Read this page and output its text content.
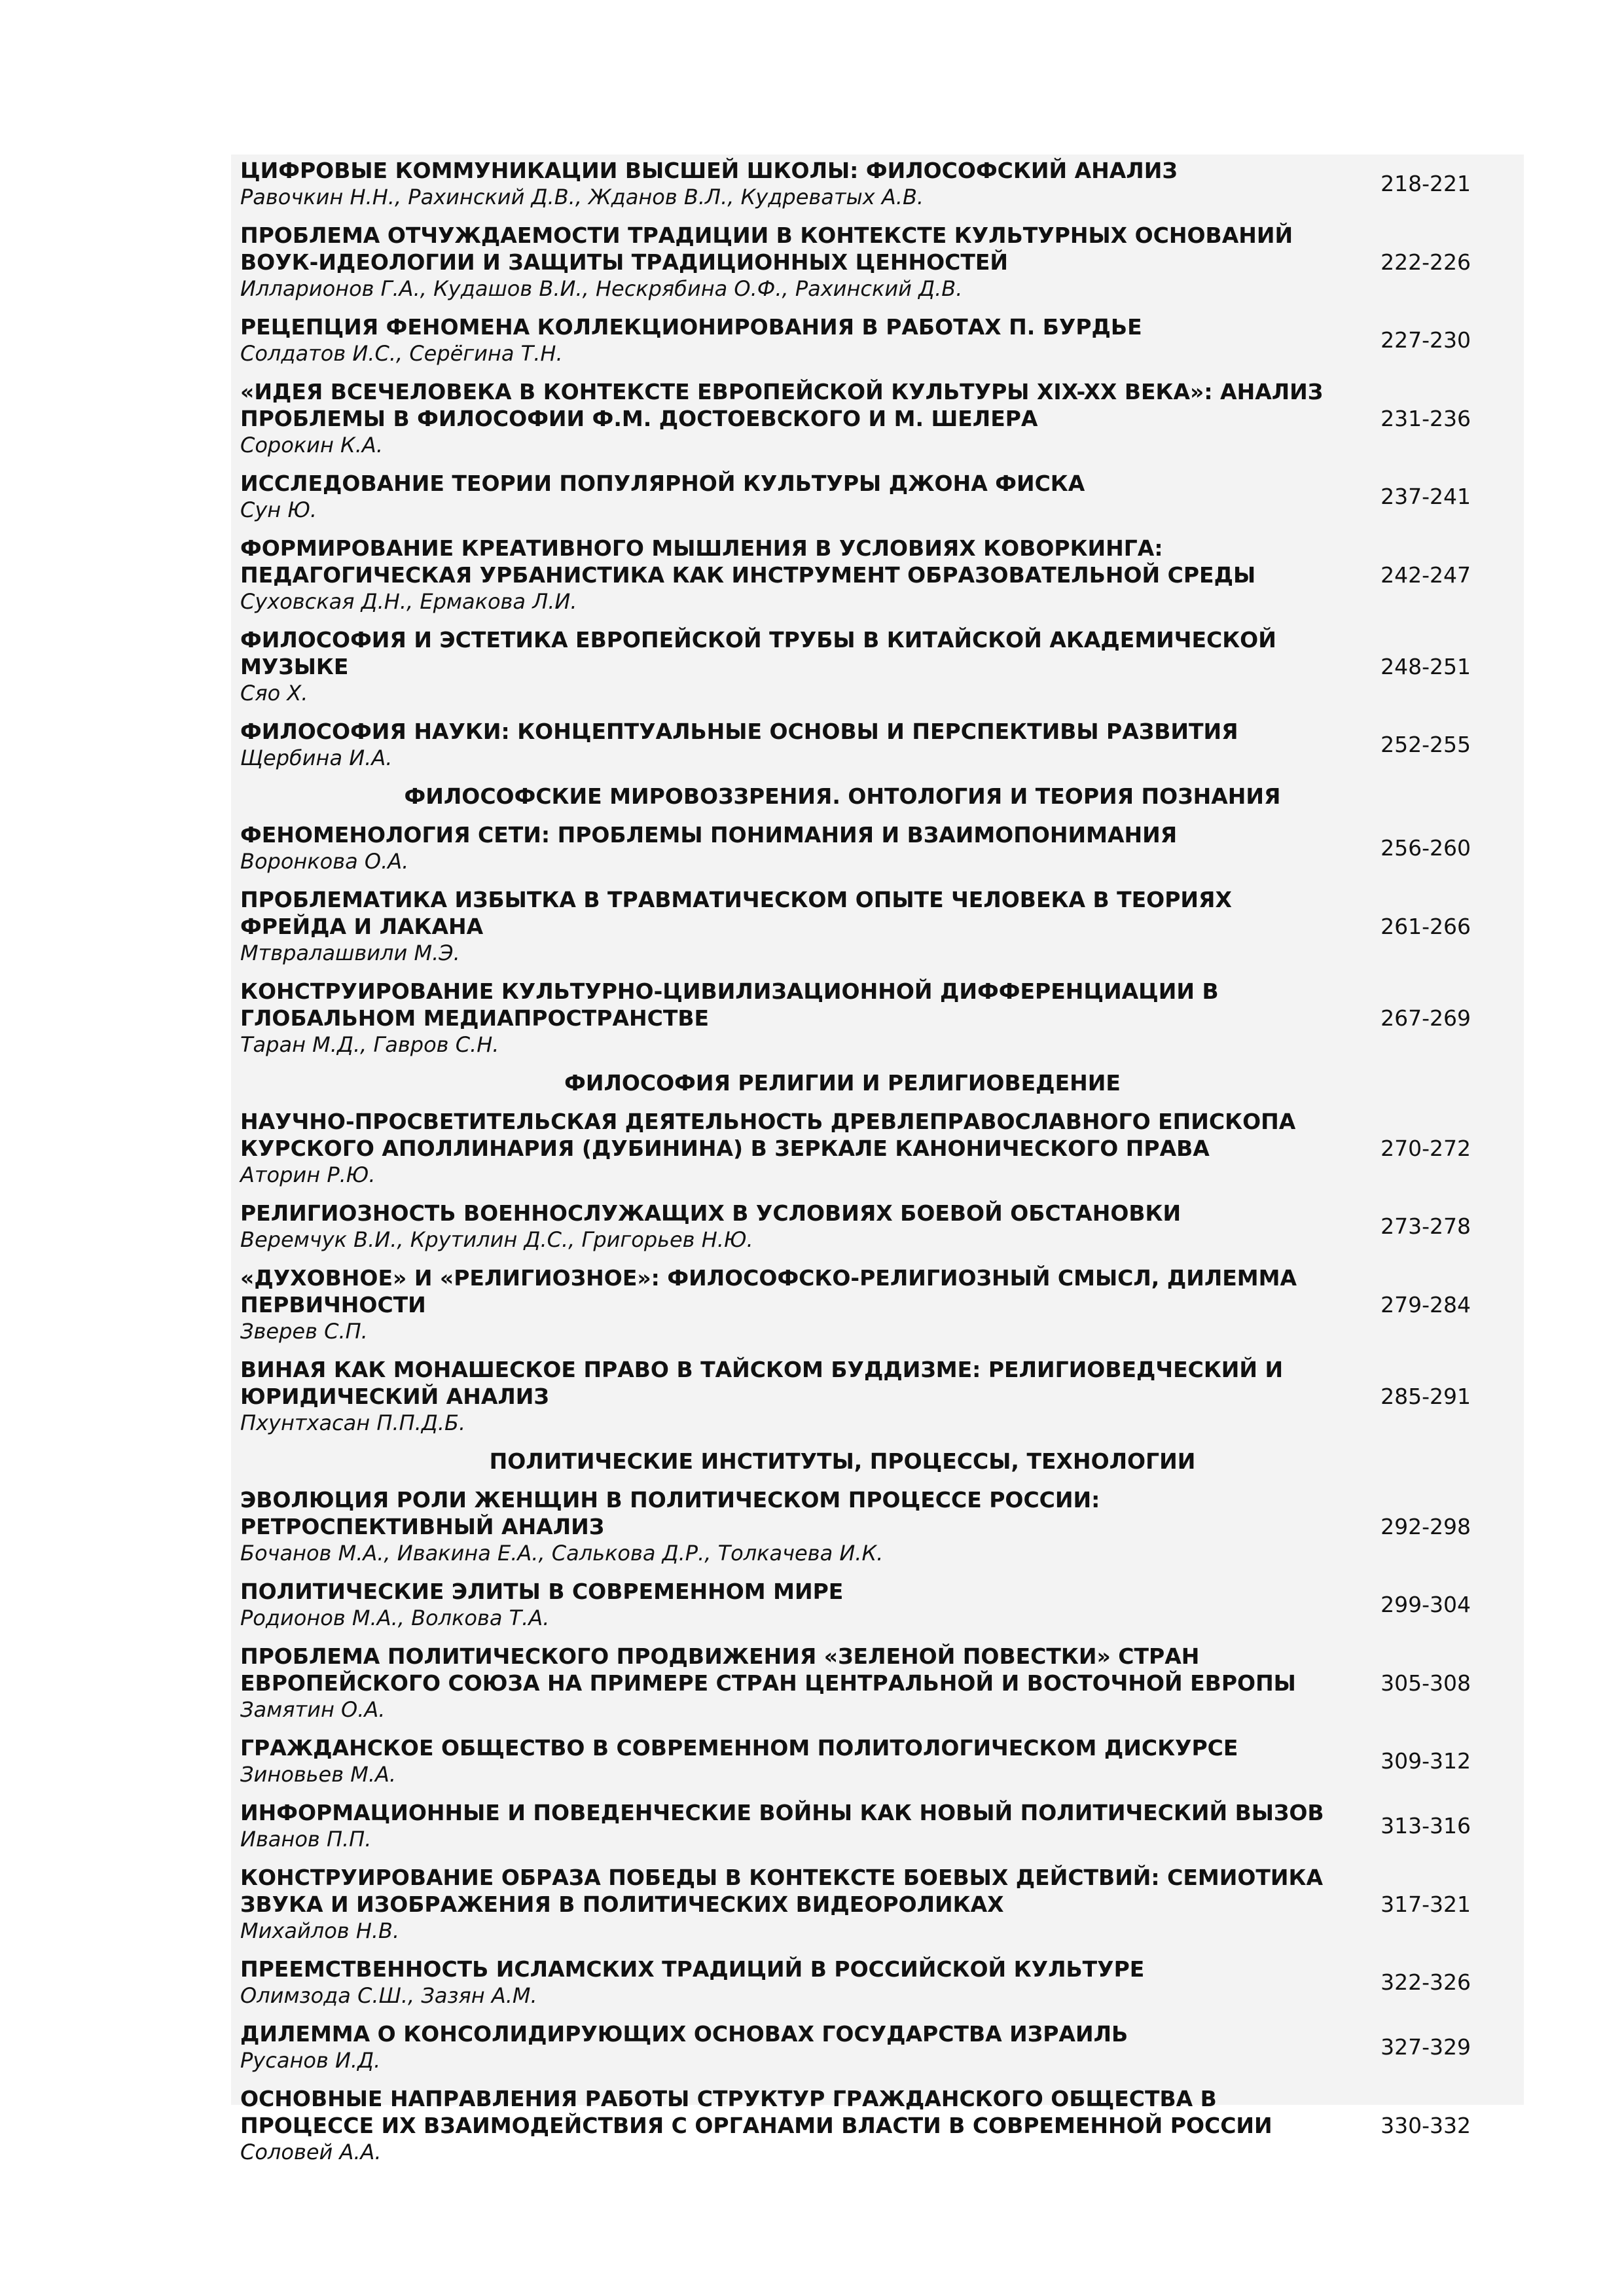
ЦИФРОВЫЕ КОММУНИКАЦИИ ВЫСШЕЙ ШКОЛЫ: ФИЛОСОФСКИЙ АНАЛИЗ
Равочкин Н.Н., Рахинский Д.В., Жданов В.Л., Кудреватых А.В.
218-221
ПРОБЛЕМА ОТЧУЖДАЕМОСТИ ТРАДИЦИИ В КОНТЕКСТЕ КУЛЬТУРНЫХ ОСНОВАНИЙ ВОУК-ИДЕОЛОГИИ И ЗАЩИТЫ ТРАДИЦИОННЫХ ЦЕННОСТЕЙ
Илларионов Г.А., Кудашов В.И., Нескрябина О.Ф., Рахинский Д.В.
222-226
РЕЦЕПЦИЯ ФЕНОМЕНА КОЛЛЕКЦИОНИРОВАНИЯ В РАБОТАХ П. БУРДЬЕ
Солдатов И.С., Серёгина Т.Н.
227-230
«ИДЕЯ ВСЕЧЕЛОВЕКА В КОНТЕКСТЕ ЕВРОПЕЙСКОЙ КУЛЬТУРЫ XIX-XX ВЕКА»: АНАЛИЗ ПРОБЛЕМЫ В ФИЛОСОФИИ Ф.М. ДОСТОЕВСКОГО И М. ШЕЛЕРА
Сорокин К.А.
231-236
ИССЛЕДОВАНИЕ ТЕОРИИ ПОПУЛЯРНОЙ КУЛЬТУРЫ ДЖОНА ФИСКА
Сун Ю.
237-241
ФОРМИРОВАНИЕ КРЕАТИВНОГО МЫШЛЕНИЯ В УСЛОВИЯХ КОВОРКИНГА: ПЕДАГОГИЧЕСКАЯ УРБАНИСТИКА КАК ИНСТРУМЕНТ ОБРАЗОВАТЕЛЬНОЙ СРЕДЫ
Суховская Д.Н., Ермакова Л.И.
242-247
ФИЛОСОФИЯ И ЭСТЕТИКА ЕВРОПЕЙСКОЙ ТРУБЫ В КИТАЙСКОЙ АКАДЕМИЧЕСКОЙ МУЗЫКЕ
Сяо Х.
248-251
ФИЛОСОФИЯ НАУКИ: КОНЦЕПТУАЛЬНЫЕ ОСНОВЫ И ПЕРСПЕКТИВЫ РАЗВИТИЯ
Щербина И.А.
252-255
ФИЛОСОФСКИЕ МИРОВОЗЗРЕНИЯ. ОНТОЛОГИЯ И ТЕОРИЯ ПОЗНАНИЯ
ФЕНОМЕНОЛОГИЯ СЕТИ: ПРОБЛЕМЫ ПОНИМАНИЯ И ВЗАИМОПОНИМАНИЯ
Воронкова О.А.
256-260
ПРОБЛЕМАТИКА ИЗБЫТКА В ТРАВМАТИЧЕСКОМ ОПЫТЕ ЧЕЛОВЕКА В ТЕОРИЯХ ФРЕЙДА И ЛАКАНА
Мтвралашвили М.Э.
261-266
КОНСТРУИРОВАНИЕ КУЛЬТУРНО-ЦИВИЛИЗАЦИОННОЙ ДИФФЕРЕНЦИАЦИИ В ГЛОБАЛЬНОМ МЕДИАПРОСТРАНСТВЕ
Таран М.Д., Гавров С.Н.
267-269
ФИЛОСОФИЯ РЕЛИГИИ И РЕЛИГИОВЕДЕНИЕ
НАУЧНО-ПРОСВЕТИТЕЛЬСКАЯ ДЕЯТЕЛЬНОСТЬ ДРЕВЛЕПРАВОСЛАВНОГО ЕПИСКОПА КУРСКОГО АПОЛЛИНАРИЯ (ДУБИНИНА) В ЗЕРКАЛЕ КАНОНИЧЕСКОГО ПРАВА
Аторин Р.Ю.
270-272
РЕЛИГИОЗНОСТЬ ВОЕННОСЛУЖАЩИХ В УСЛОВИЯХ БОЕВОЙ ОБСТАНОВКИ
Веремчук В.И., Крутилин Д.С., Григорьев Н.Ю.
273-278
«ДУХОВНОЕ» И «РЕЛИГИОЗНОЕ»: ФИЛОСОФСКО-РЕЛИГИОЗНЫЙ СМЫСЛ, ДИЛЕММА ПЕРВИЧНОСТИ
Зверев С.П.
279-284
ВИНАЯ КАК МОНАШЕСКОЕ ПРАВО В ТАЙСКОМ БУДДИЗМЕ: РЕЛИГИОВЕДЧЕСКИЙ И ЮРИДИЧЕСКИЙ АНАЛИЗ
Пхунтхасан П.П.Д.Б.
285-291
ПОЛИТИЧЕСКИЕ ИНСТИТУТЫ, ПРОЦЕССЫ, ТЕХНОЛОГИИ
ЭВОЛЮЦИЯ РОЛИ ЖЕНЩИН В ПОЛИТИЧЕСКОМ ПРОЦЕССЕ РОССИИ: РЕТРОСПЕКТИВНЫЙ АНАЛИЗ
Бочанов М.А., Ивакина Е.А., Салькова Д.Р., Толкачева И.К.
292-298
ПОЛИТИЧЕСКИЕ ЭЛИТЫ В СОВРЕМЕННОМ МИРЕ
Родионов М.А., Волкова Т.А.
299-304
ПРОБЛЕМА ПОЛИТИЧЕСКОГО ПРОДВИЖЕНИЯ «ЗЕЛЕНОЙ ПОВЕСТКИ» СТРАН ЕВРОПЕЙСКОГО СОЮЗА НА ПРИМЕРЕ СТРАН ЦЕНТРАЛЬНОЙ И ВОСТОЧНОЙ ЕВРОПЫ
Замятин О.А.
305-308
ГРАЖДАНСКОЕ ОБЩЕСТВО В СОВРЕМЕННОМ ПОЛИТОЛОГИЧЕСКОМ ДИСКУРСЕ
Зиновьев М.А.
309-312
ИНФОРМАЦИОННЫЕ И ПОВЕДЕНЧЕСКИЕ ВОЙНЫ КАК НОВЫЙ ПОЛИТИЧЕСКИЙ ВЫЗОВ
Иванов П.П.
313-316
КОНСТРУИРОВАНИЕ ОБРАЗА ПОБЕДЫ В КОНТЕКСТЕ БОЕВЫХ ДЕЙСТВИЙ: СЕМИОТИКА ЗВУКА И ИЗОБРАЖЕНИЯ В ПОЛИТИЧЕСКИХ ВИДЕОРОЛИКАХ
Михайлов Н.В.
317-321
ПРЕЕМСТВЕННОСТЬ ИСЛАМСКИХ ТРАДИЦИЙ В РОССИЙСКОЙ КУЛЬТУРЕ
Олимзода С.Ш., Зазян А.М.
322-326
ДИЛЕММА О КОНСОЛИДИРУЮЩИХ ОСНОВАХ ГОСУДАРСТВА ИЗРАИЛЬ
Русанов И.Д.
327-329
ОСНОВНЫЕ НАПРАВЛЕНИЯ РАБОТЫ СТРУКТУР ГРАЖДАНСКОГО ОБЩЕСТВА В ПРОЦЕССЕ ИХ ВЗАИМОДЕЙСТВИЯ С ОРГАНАМИ ВЛАСТИ В СОВРЕМЕННОЙ РОССИИ
Соловей А.А.
330-332
